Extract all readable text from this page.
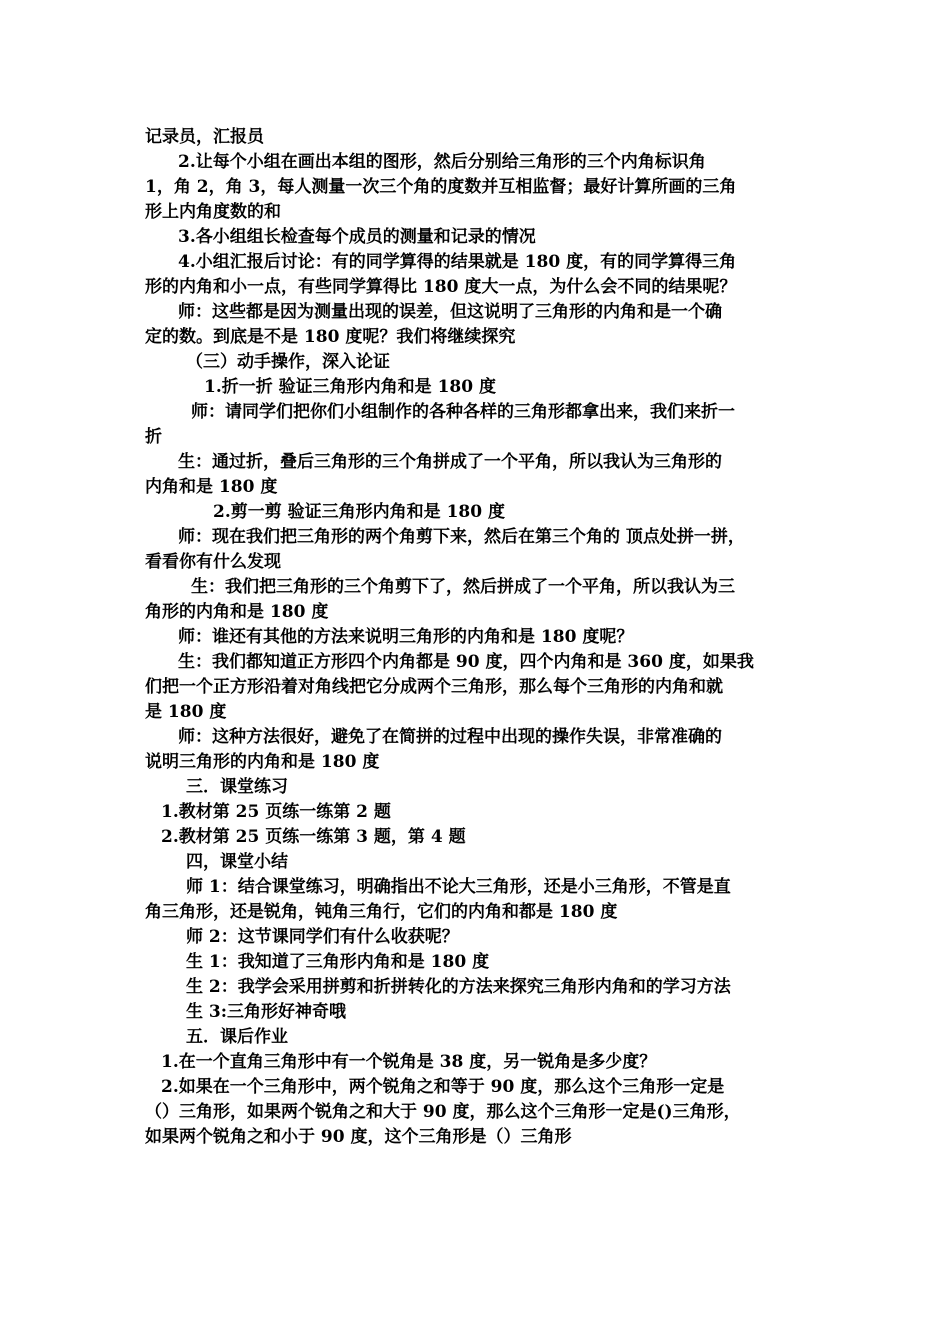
记录员，汇报员
2.让每个小组在画出本组的图形，然后分别给三角形的三个内角标识角
1，角 2，角 3，每人测量一次三个角的度数并互相监督；最好计算所画的三角
形上内角度数的和
3.各小组组长检查每个成员的测量和记录的情况
4.小组汇报后讨论：有的同学算得的结果就是 180 度，有的同学算得三角
形的内角和小一点，有些同学算得比 180 度大一点，为什么会不同的结果呢？
师：这些都是因为测量出现的误差，但这说明了三角形的内角和是一个确
定的数。到底是不是 180 度呢？我们将继续探究
（三）动手操作，深入论证
1.折一折 验证三角形内角和是 180 度
师：请同学们把你们小组制作的各种各样的三角形都拿出来，我们来折一
折
生：通过折，叠后三角形的三个角拼成了一个平角，所以我认为三角形的
内角和是 180 度
2.剪一剪 验证三角形内角和是 180 度
师：现在我们把三角形的两个角剪下来，然后在第三个角的 顶点处拼一拼，
看看你有什么发现
生：我们把三角形的三个角剪下了，然后拼成了一个平角，所以我认为三
角形的内角和是 180 度
师：谁还有其他的方法来说明三角形的内角和是 180 度呢？
生：我们都知道正方形四个内角都是 90 度，四个内角和是 360 度，如果我
们把一个正方形沿着对角线把它分成两个三角形，那么每个三角形的内角和就
是 180 度
师：这种方法很好，避免了在简拼的过程中出现的操作失误，非常准确的
说明三角形的内角和是 180 度
三．课堂练习
1.教材第 25 页练一练第 2 题
2.教材第 25 页练一练第 3 题，第 4 题
四，课堂小结
师 1：结合课堂练习，明确指出不论大三角形，还是小三角形，不管是直
角三角形，还是锐角，钝角三角行，它们的内角和都是 180 度
师 2：这节课同学们有什么收获呢？
生 1：我知道了三角形内角和是 180 度
生 2：我学会采用拼剪和折拼转化的方法来探究三角形内角和的学习方法
生 3:三角形好神奇哦
五．课后作业
1.在一个直角三角形中有一个锐角是 38 度，另一锐角是多少度？
2.如果在一个三角形中，两个锐角之和等于 90 度，那么这个三角形一定是
（）三角形，如果两个锐角之和大于 90 度，那么这个三角形一定是()三角形，
如果两个锐角之和小于 90 度，这个三角形是（）三角形
